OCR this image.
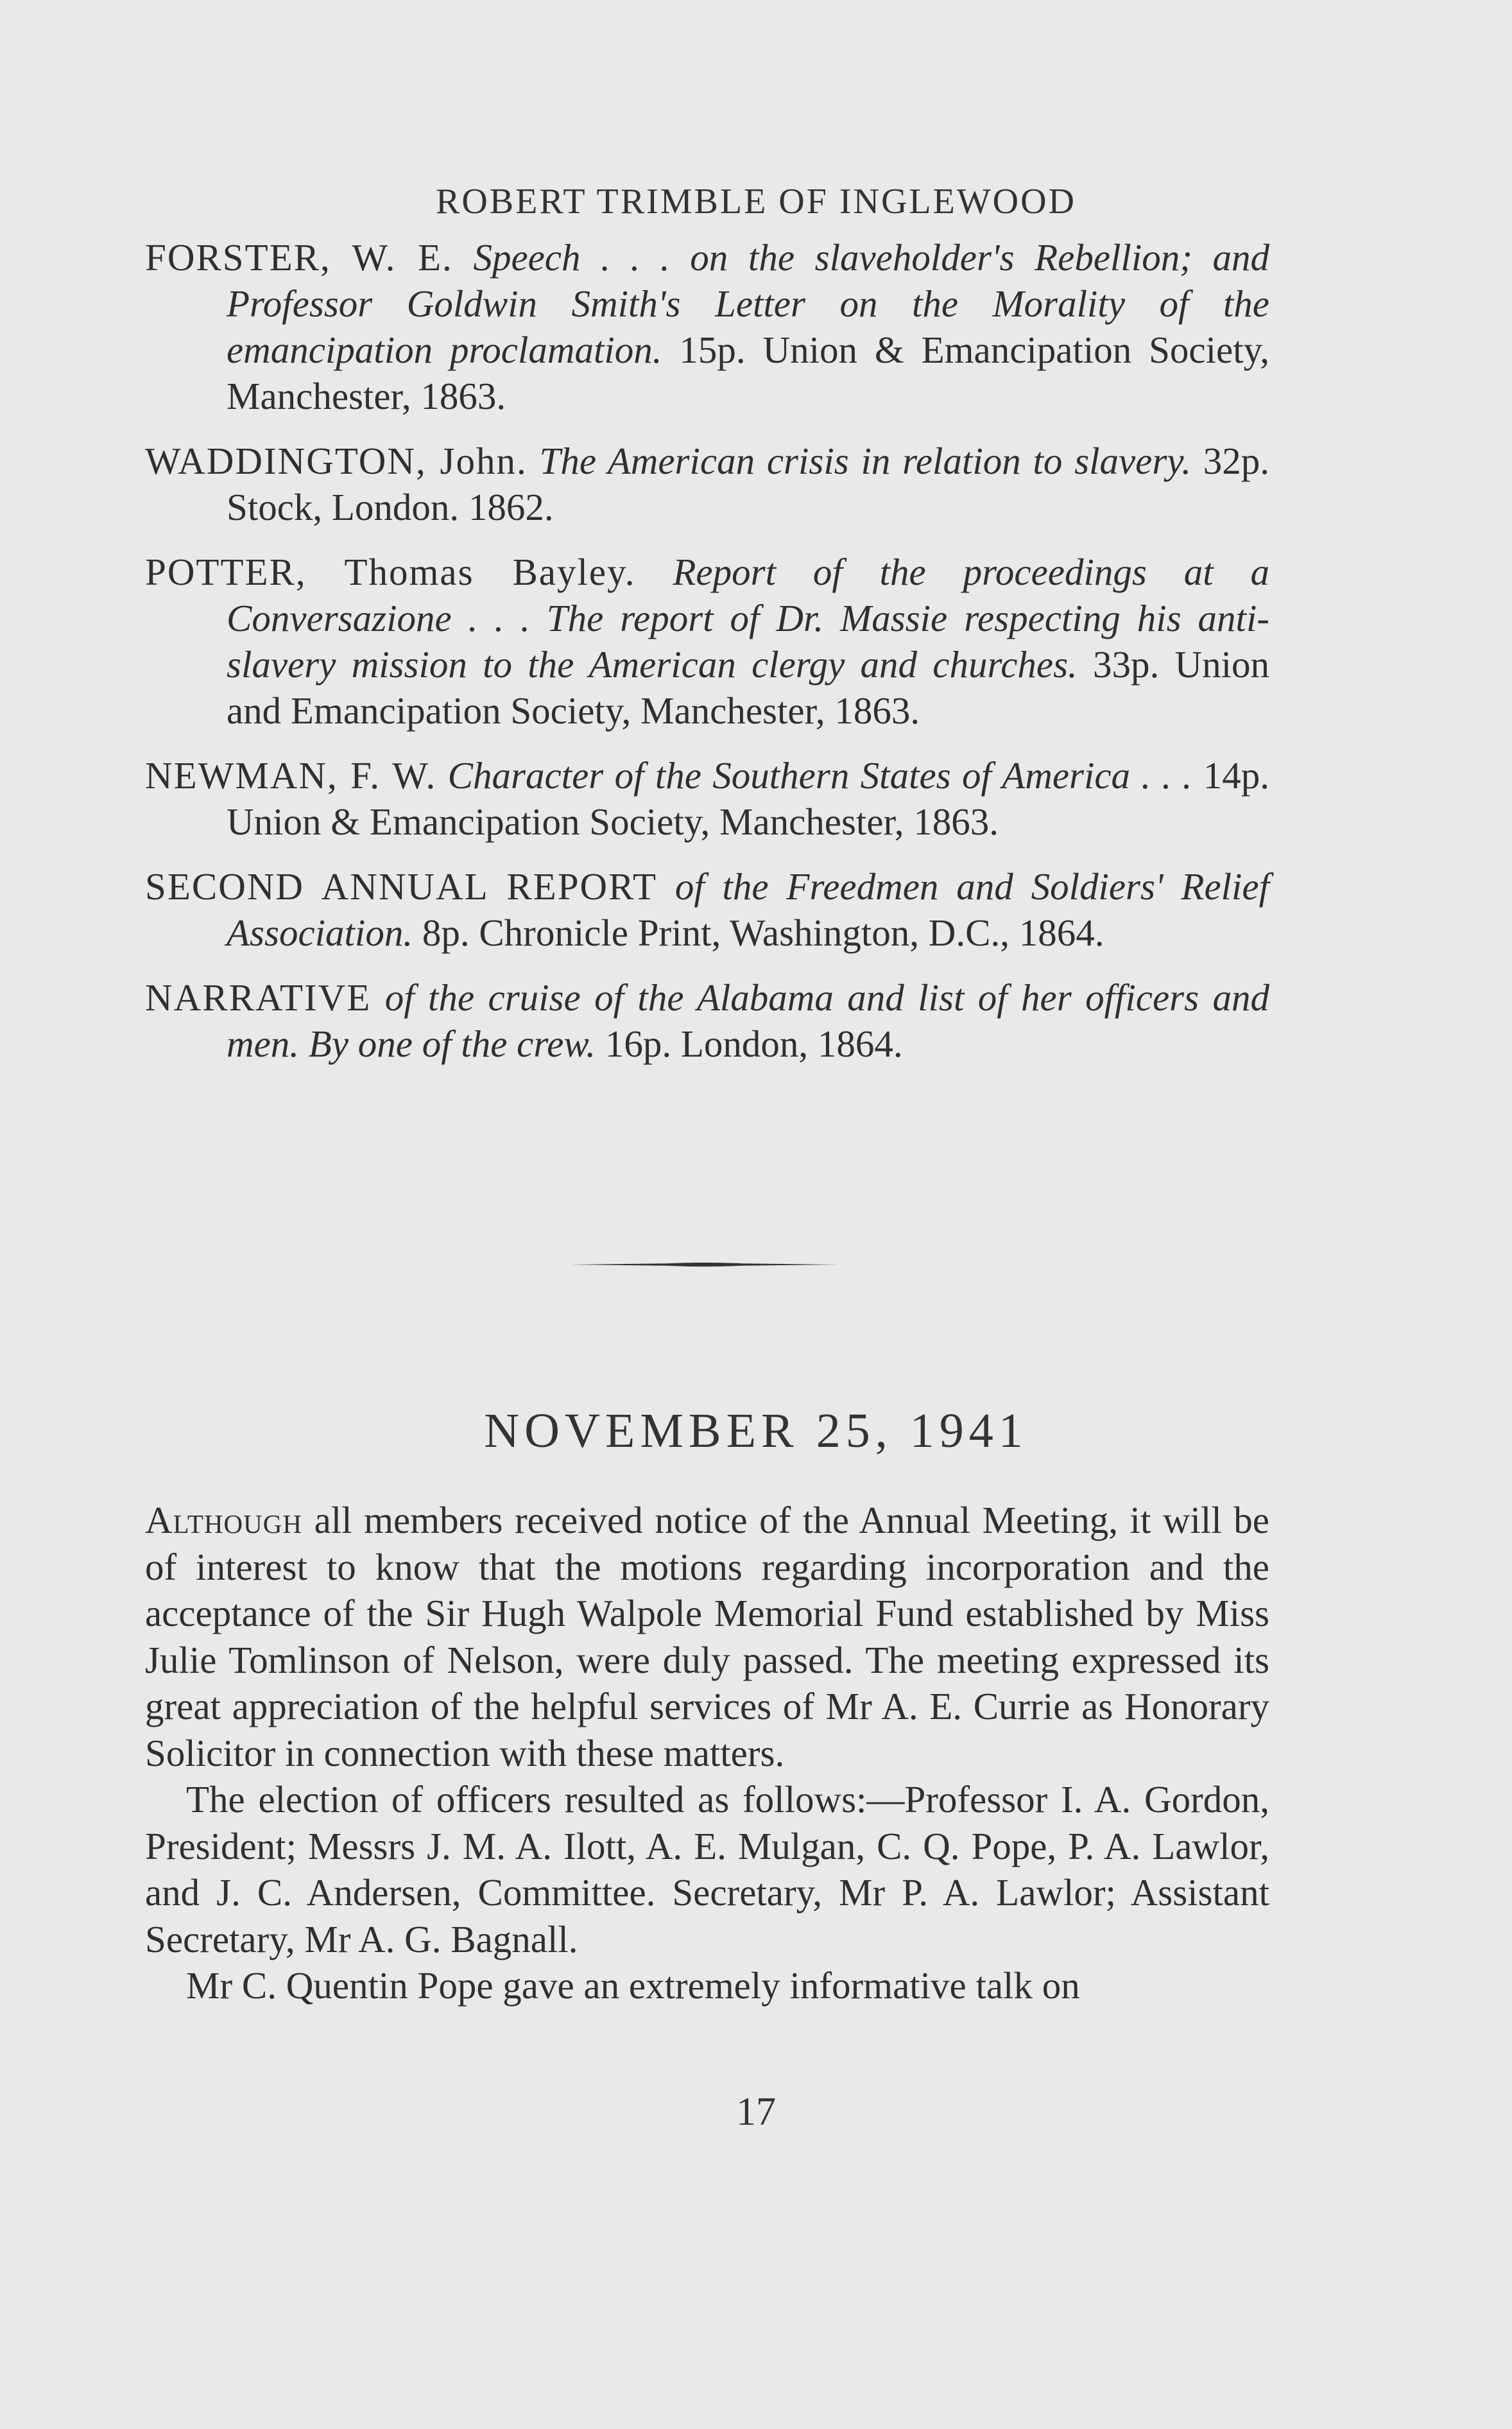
ROBERT TRIMBLE OF INGLEWOOD

FORSTER, W. E. Speech . . . on the slaveholder's Rebellion; and Professor Goldwin Smith's Letter on the Morality of the emancipation proclamation. 15p. Union & Emancipation Society, Manchester, 1863.

WADDINGTON, John. The American crisis in relation to slavery. 32p. Stock, London. 1862.

POTTER, Thomas Bayley. Report of the proceedings at a Conversazione . . . The report of Dr. Massie respecting his anti-slavery mission to the American clergy and churches. 33p. Union and Emancipation Society, Manchester, 1863.

NEWMAN, F. W. Character of the Southern States of America . . . 14p. Union & Emancipation Society, Manchester, 1863.

SECOND ANNUAL REPORT of the Freedmen and Soldiers' Relief Association. 8p. Chronicle Print, Washington, D.C., 1864.

NARRATIVE of the cruise of the Alabama and list of her officers and men. By one of the crew. 16p. London, 1864.

NOVEMBER 25, 1941

Although all members received notice of the Annual Meeting, it will be of interest to know that the motions regarding incorporation and the acceptance of the Sir Hugh Walpole Memorial Fund established by Miss Julie Tomlinson of Nelson, were duly passed. The meeting expressed its great appreciation of the helpful services of Mr A. E. Currie as Honorary Solicitor in connection with these matters.

The election of officers resulted as follows:—Professor I. A. Gordon, President; Messrs J. M. A. Ilott, A. E. Mulgan, C. Q. Pope, P. A. Lawlor, and J. C. Andersen, Committee. Secretary, Mr P. A. Lawlor; Assistant Secretary, Mr A. G. Bagnall.

Mr C. Quentin Pope gave an extremely informative talk on

17
